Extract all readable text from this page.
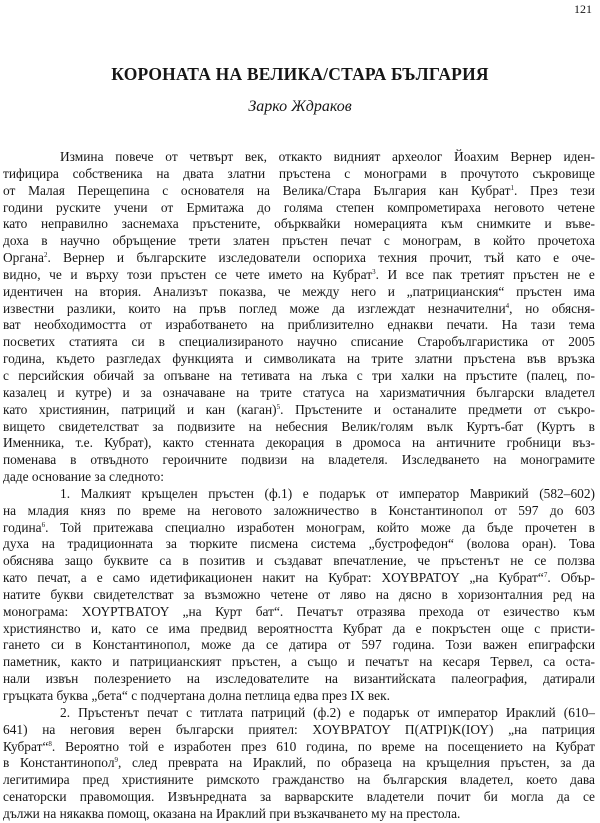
121
КОРОНАТА НА ВЕЛИКА/СТАРА БЪЛГАРИЯ
Зарко Ждраков
Измина повече от четвърт век, откакто видният археолог Йоахим Вернер иден-
тифицира собственика на двата златни пръстена с монограми в прочутото съкровище
от Малая Перещепина с основателя на Велика/Стара България кан Кубрат$^1$. През тези
години руските учени от Ермитажа до голяма степен компрометираха неговото четене
като неправилно заснемаха пръстените, обърквайки номерацията към снимките и въве-
доха в научно обръщение трети златен пръстен печат с монограм, в който прочетоха
Органа$^2$. Вернер и българските изследователи оспориха техния прочит, тъй като е оче-
видно, че и върху този пръстен се чете името на Кубрат$^3$. И все пак третият пръстен не е
идентичен на втория. Анализът показва, че между него и „патрицианския“ пръстен има
известни разлики, които на пръв поглед може да изглеждат незначителни$^4$, но обясня-
ват необходимостта от изработването на приблизително еднакви печати. На тази тема
посветих статията си в специализираното научно списание Старобългаристика от 2005
година, където разгледах функцията и символиката на трите златни пръстена във връзка
с персийския обичай за опъване на тетивата на лъка с три халки на пръстите (палец, по-
казалец и кутре) и за означаване на трите статуса на харизматичния български владетел
като християнин, патриций и кан (каган)$^5$. Пръстените и останалите предмети от съкро-
вището свидетелстват за подвизите на небесния Велик/голям вълк Куртъ-бат (Куртъ в
Именника, т.е. Кубрат), както стенната декорация в дромоса на античните гробници въз-
поменава в отвъдното героичните подвизи на владетеля. Изследването на монограмите
даде основание за следното:
1. Малкият кръщелен пръстен (ф.1) е подарък от император Маврикий (582–602)
на младия княз по време на неговото заложничество в Константинопол от 597 до 603
година$^6$. Той притежава специално изработен монограм, който може да бъде прочетен в
духа на традиционната за тюрките писмена система „бустрофедон“ (волова оран). Това
обяснява защо буквите са в позитив и създават впечатление, че пръстенът не се ползва
като печат, а е само идетификационен накит на Кубрат: ΧΟΥΒΡΑΤΟΥ „на Кубрат“$^7$. Обър-
натите букви свидетелстват за възможно четене от ляво на дясно в хоризонталния ред на
монограма: ΧΟΥΡΤΒΑΤΟΥ „на Курт бат“. Печатът отразява прехода от езичество към
християнство и, като се има предвид вероятността Кубрат да е покръстен още с присти-
гането си в Константинопол, може да се датира от 597 година. Този важен епиграфски
паметник, както и патрицианският пръстен, а също и печатът на кесаря Тервел, са оста-
нали извън полезрението на изследователите на византийската палеография, датирали
гръцката буква „бета“ с подчертана долна петлица едва през IX век.
2. Пръстенът печат с титлата патриций (ф.2) е подарък от император Ираклий (610–
641) на неговия верен български приятел: ΧΟΥΒΡΑΤΟΥ Π(ΑΤΡΙ)Κ(ΙΟΥ) „на патриция
Кубрат“$^8$. Вероятно той е изработен през 610 година, по време на посещението на Кубрат
в Константинопол$^9$, след преврата на Ираклий, по образеца на кръщелния пръстен, за да
легитимира пред християните римското гражданство на българския владетел, което дава
сенаторски правомощия. Извънредната за варварските владетели почит би могла да се
дължи на някаква помощ, оказана на Ираклий при възкачването му на престола.
